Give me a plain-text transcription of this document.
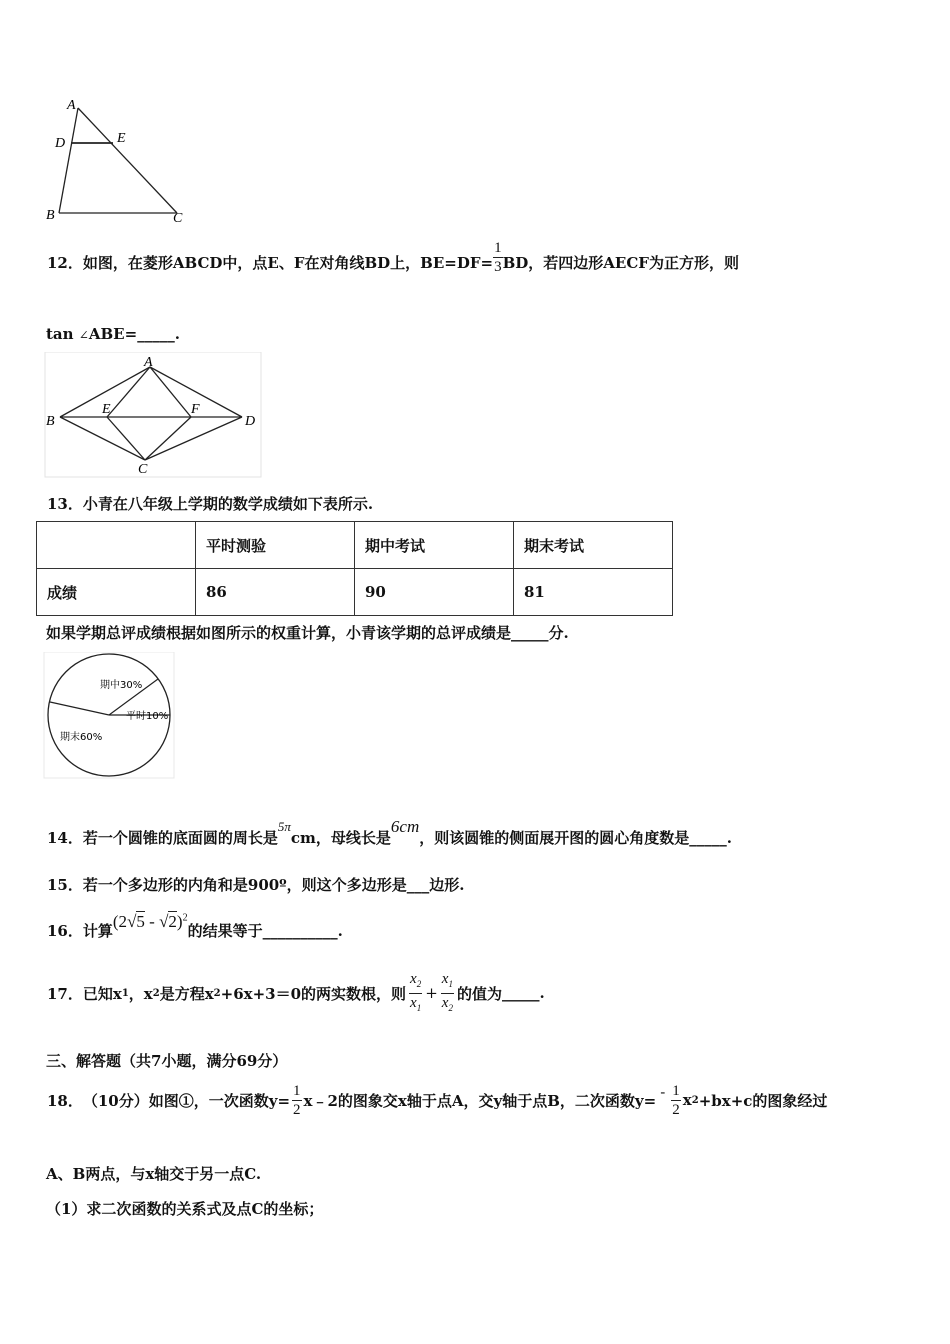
A
D	E
B	C
12．如图，在菱形ABCD中，点E、F在对角线BD上，$BE=DF= \frac{1}{3}$ BD，若四边形AECF为正方形，则
tan ∠ABE=_____.
A
B
E	F
D
C
13．小青在八年级上学期的数学成绩如下表所示.
	平时测验	期中考试	期末考试
成绩	86	90	81
如果学期总评成绩根据如图所示的权重计算，小青该学期的总评成绩是_____分.
期中30%
平时10%
期末60%
14．若一个圆锥的底面圆的周长是5πcm，母线长是6cm，则该圆锥的侧面展开图的圆心角度数是_____.
15．若一个多边形的内角和是900º，则这个多边形是___边形.
16．计算(2√5 - √2)$^2$的结果等于__________.
17． 已知x 1 ，x 2 是方程x 2 +6x+3＝0的两实数根，则 $\frac{x_2}{x_1} + \frac{x_1}{x_2}$ 的值为 _____ .
三、解答题（共7小题，满分69分）
18． （10分）如图①，一次函数$y= \frac{1}{2}$ x﹣2的图象交x轴于点A，交y轴于点B，二次函数$y= - \frac{1}{2}$ x 2 +bx+c的图象经过
A、B两点，与x轴交于另一点C.
（1）求二次函数的关系式及点C的坐标；
